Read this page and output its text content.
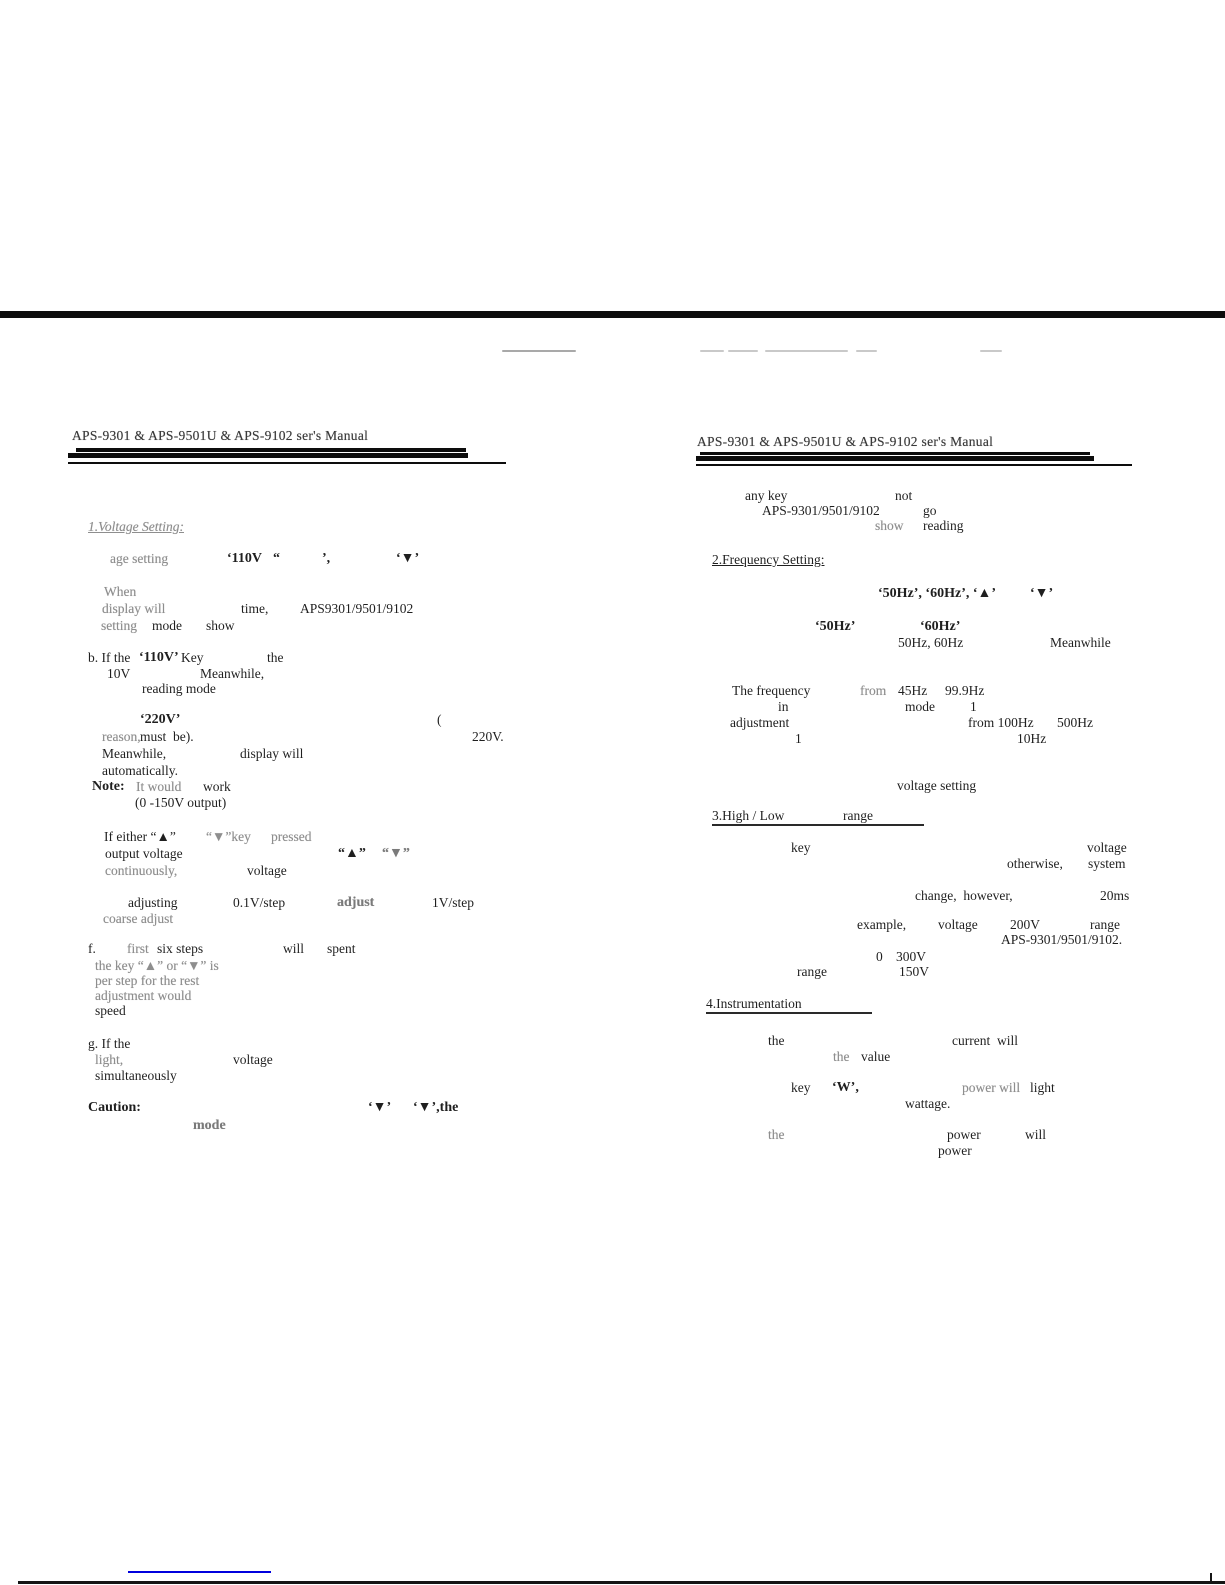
APS-9301 & APS-9501U & APS-9102 ser's Manual	APS-9301 & APS-9501U & APS-9102 ser's Manual
1.Voltage Setting:
age setting	‘110V “	’,	‘▼’
When
display will	time, APS9301/9501/9102
setting mode show
b. If the ‘110V’ Key	the
10V	Meanwhile,
reading mode
‘220V’	(
reason, must  be).	220V.
Meanwhile,	display will
automatically.
Note: It would work
(0 -150V output)
If either “▲” “▼”key pressed
output voltage	“▲” “▼”
continuously,	voltage
adjusting	0.1V/step	adjust	1V/step
coarse adjust
f. first six steps	will spent
the key “▲” or “▼” is
per step for the rest
adjustment would
speed
g. If the
light,	voltage
simultaneously
Caution:	‘▼’ ‘▼’,the
mode
any key	not
APS-9301/9501/9102	go
show reading
2.Frequency Setting:
‘50Hz’, ‘60Hz’, ‘▲’ ‘▼’
‘50Hz’	‘60Hz’
50Hz, 60Hz	Meanwhile
The frequency	from 45Hz 99.9Hz
in	mode	1
adjustment	from 100Hz 500Hz
1	10Hz
voltage setting
3.High / Low	range
key	voltage
otherwise, system
change,  however,	20ms
example, voltage 200V	range
APS-9301/9501/9102.
0 300V
range	150V
4.Instrumentation
the	current  will
the value
key ‘W’,	power will light
wattage.
the	power	will
power
